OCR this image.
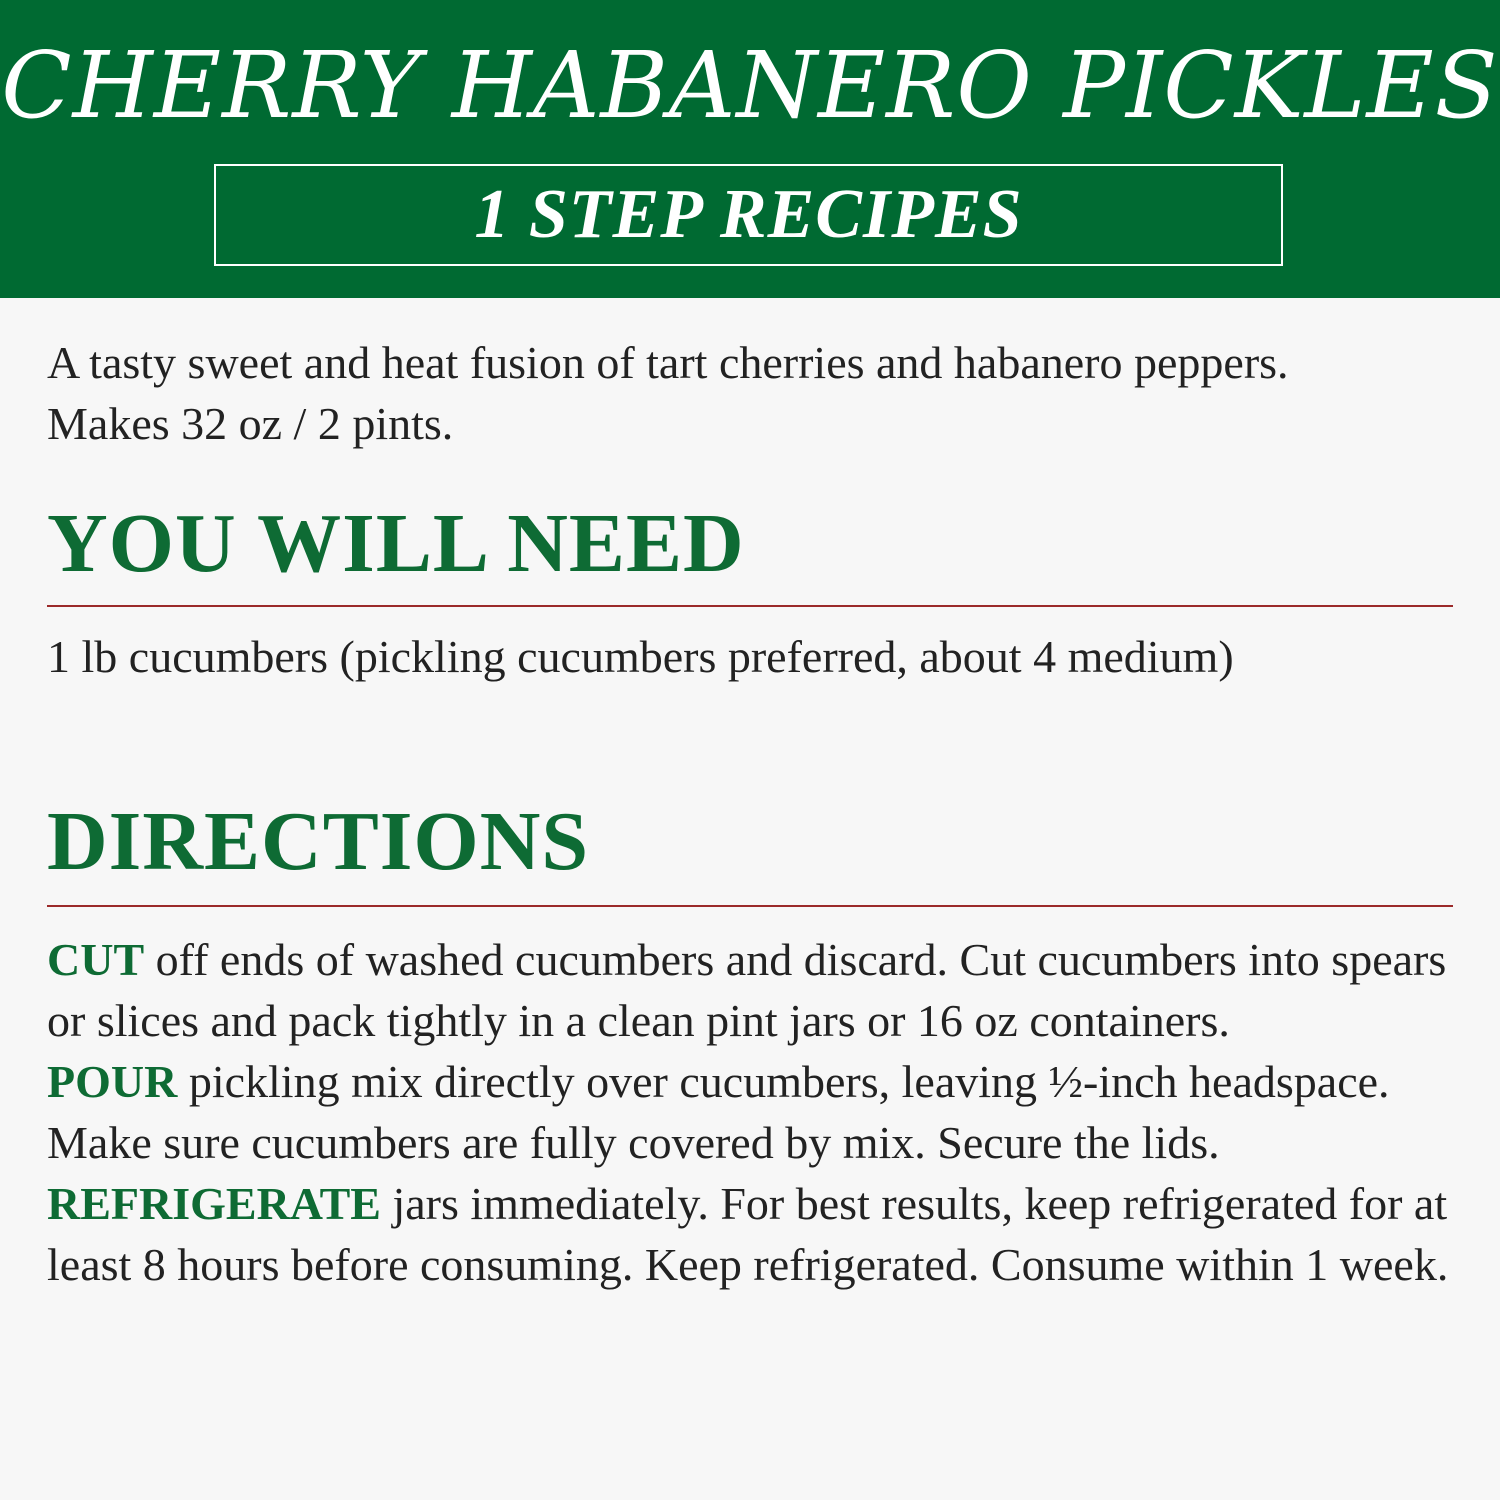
CHERRY HABANERO PICKLES
1 STEP RECIPES

A tasty sweet and heat fusion of tart cherries and habanero peppers. Makes 32 oz / 2 pints.

YOU WILL NEED

1 lb cucumbers (pickling cucumbers preferred, about 4 medium)

DIRECTIONS
CUT off ends of washed cucumbers and discard. Cut cucumbers into spears or slices and pack tightly in a clean pint jars or 16 oz containers.
POUR pickling mix directly over cucumbers, leaving ½-inch headspace. Make sure cucumbers are fully covered by mix. Secure the lids.
REFRIGERATE jars immediately. For best results, keep refrigerated for at least 8 hours before consuming. Keep refrigerated. Consume within 1 week.
